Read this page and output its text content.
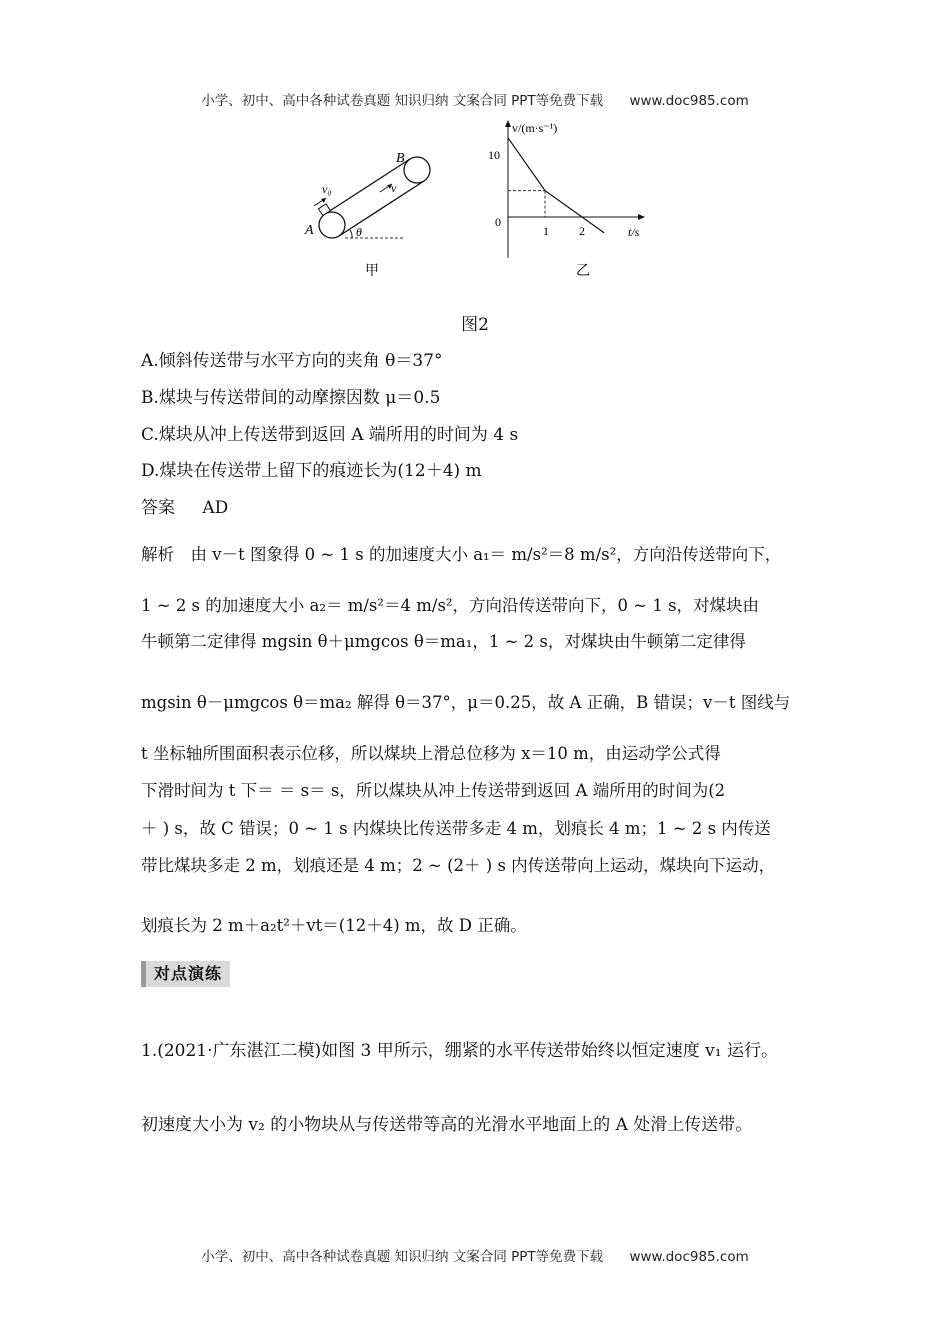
小学、初中、高中各种试卷真题 知识归纳 文案合同 PPT等免费下载 www.doc985.com
A
B
v₀	v
θ
甲
v/(m·s⁻¹)
t/s
10
0
1	2
乙
图2
A.倾斜传送带与水平方向的夹角 θ＝37°
B.煤块与传送带间的动摩擦因数 μ＝0.5
C.煤块从冲上传送带到返回 A 端所用的时间为 4 s
D.煤块在传送带上留下的痕迹长为(12＋4) m
答案 AD
解析　由 v－t 图象得 0 ~ 1 s 的加速度大小 a₁＝ m/s²＝8 m/s²，方向沿传送带向下，
1 ~ 2 s 的加速度大小 a₂＝ m/s²＝4 m/s²，方向沿传送带向下，0 ~ 1 s，对煤块由
牛顿第二定律得 mgsin θ＋μmgcos θ＝ma₁，1 ~ 2 s，对煤块由牛顿第二定律得
mgsin θ－μmgcos θ＝ma₂ 解得 θ＝37°，μ＝0.25，故 A 正确，B 错误；v－t 图线与
t 坐标轴所围面积表示位移，所以煤块上滑总位移为 x＝10 m，由运动学公式得
下滑时间为 t 下＝ ＝ s＝ s，所以煤块从冲上传送带到返回 A 端所用的时间为(2
＋ ) s，故 C 错误；0 ~ 1 s 内煤块比传送带多走 4 m，划痕长 4 m；1 ~ 2 s 内传送
带比煤块多走 2 m，划痕还是 4 m；2 ~ (2＋ ) s 内传送带向上运动，煤块向下运动，
划痕长为 2 m＋a₂t²＋vt＝(12＋4) m，故 D 正确。
对点演练
1.(2021·广东湛江二模)如图 3 甲所示，绷紧的水平传送带始终以恒定速度 v₁ 运行。
初速度大小为 v₂ 的小物块从与传送带等高的光滑水平地面上的 A 处滑上传送带。
小学、初中、高中各种试卷真题 知识归纳 文案合同 PPT等免费下载 www.doc985.com
